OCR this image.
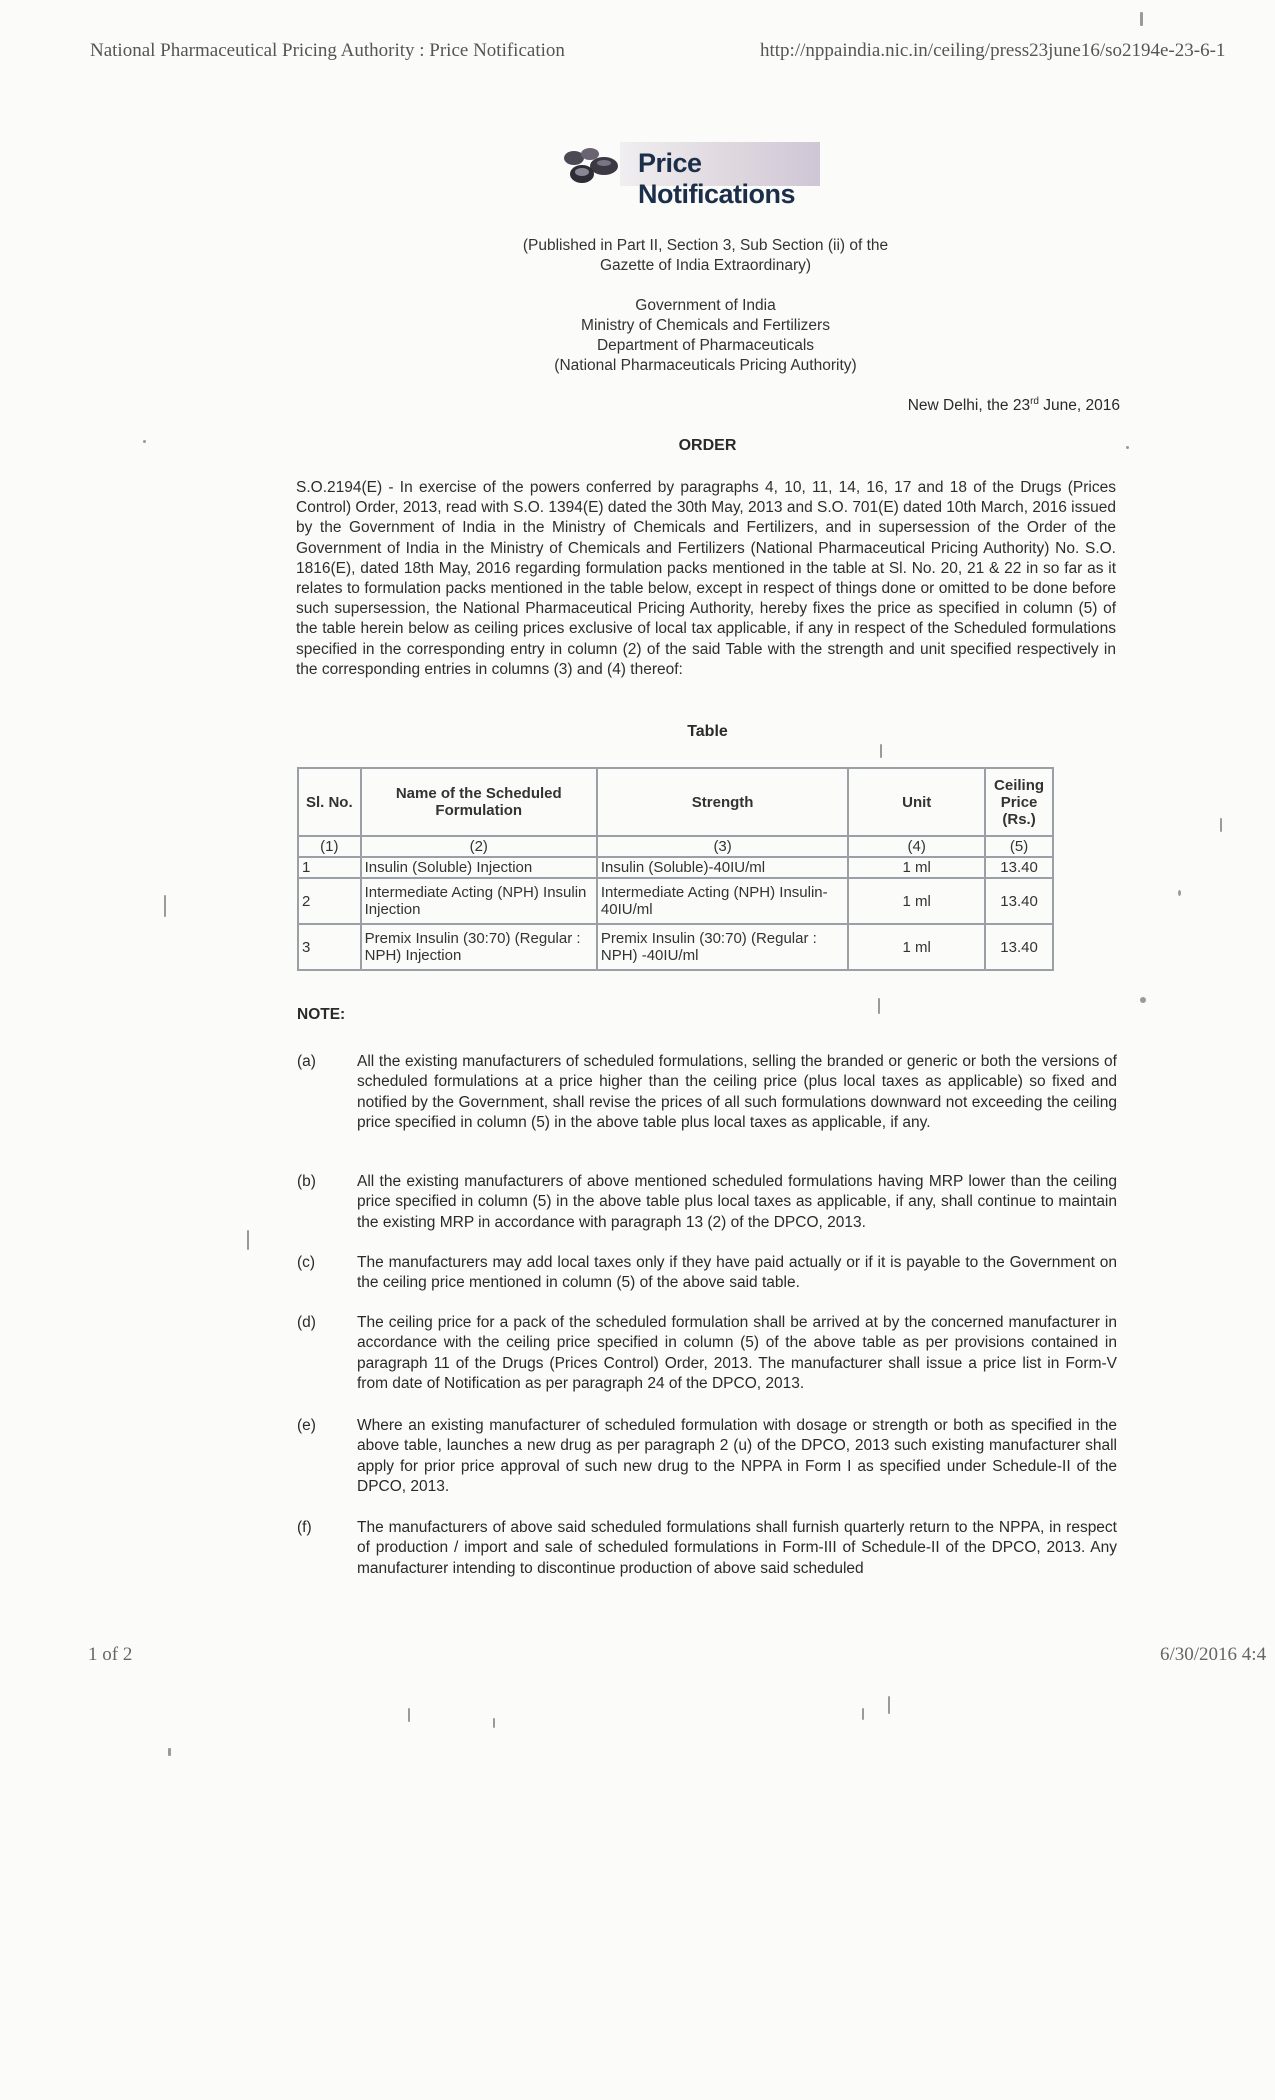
National Pharmaceutical Pricing Authority : Price Notification	http://nppaindia.nic.in/ceiling/press23june16/so2194e-23-6-1
Price Notifications
(Published in Part II, Section 3, Sub Section (ii) of the
Gazette of India Extraordinary)
Government of India
Ministry of Chemicals and Fertilizers
Department of Pharmaceuticals
(National Pharmaceuticals Pricing Authority)
New Delhi, the 23rd June, 2016
ORDER
S.O.2194(E) - In exercise of the powers conferred by paragraphs 4, 10, 11, 14, 16, 17 and 18 of the Drugs (Prices Control) Order, 2013, read with S.O. 1394(E) dated the 30th May, 2013 and S.O. 701(E) dated 10th March, 2016 issued by the Government of India in the Ministry of Chemicals and Fertilizers, and in supersession of the Order of the Government of India in the Ministry of Chemicals and Fertilizers (National Pharmaceutical Pricing Authority) No. S.O. 1816(E), dated 18th May, 2016 regarding formulation packs mentioned in the table at Sl. No. 20, 21 & 22 in so far as it relates to formulation packs mentioned in the table below, except in respect of things done or omitted to be done before such supersession, the National Pharmaceutical Pricing Authority, hereby fixes the price as specified in column (5) of the table herein below as ceiling prices exclusive of local tax applicable, if any in respect of the Scheduled formulations specified in the corresponding entry in column (2) of the said Table with the strength and unit specified respectively in the corresponding entries in columns (3) and (4) thereof:
Table
Sl. No.	Name of the Scheduled Formulation	Strength	Unit	Ceiling Price (Rs.)
(1)	(2)	(3)	(4)	(5)
1	Insulin (Soluble) Injection	Insulin (Soluble)-40IU/ml	1 ml	13.40
2	Intermediate Acting (NPH) Insulin Injection	Intermediate Acting (NPH) Insulin-40IU/ml	1 ml	13.40
3	Premix Insulin (30:70) (Regular : NPH) Injection	Premix Insulin (30:70) (Regular : NPH) -40IU/ml	1 ml	13.40
NOTE:
(a)	All the existing manufacturers of scheduled formulations, selling the branded or generic or both the versions of scheduled formulations at a price higher than the ceiling price (plus local taxes as applicable) so fixed and notified by the Government, shall revise the prices of all such formulations downward not exceeding the ceiling price specified in column (5) in the above table plus local taxes as applicable, if any.
(b)	All the existing manufacturers of above mentioned scheduled formulations having MRP lower than the ceiling price specified in column (5) in the above table plus local taxes as applicable, if any, shall continue to maintain the existing MRP in accordance with paragraph 13 (2) of the DPCO, 2013.
(c)	The manufacturers may add local taxes only if they have paid actually or if it is payable to the Government on the ceiling price mentioned in column (5) of the above said table.
(d)	The ceiling price for a pack of the scheduled formulation shall be arrived at by the concerned manufacturer in accordance with the ceiling price specified in column (5) of the above table as per provisions contained in paragraph 11 of the Drugs (Prices Control) Order, 2013. The manufacturer shall issue a price list in Form-V from date of Notification as per paragraph 24 of the DPCO, 2013.
(e)	Where an existing manufacturer of scheduled formulation with dosage or strength or both as specified in the above table, launches a new drug as per paragraph 2 (u) of the DPCO, 2013 such existing manufacturer shall apply for prior price approval of such new drug to the NPPA in Form I as specified under Schedule-II of the DPCO, 2013.
(f)	The manufacturers of above said scheduled formulations shall furnish quarterly return to the NPPA, in respect of production / import and sale of scheduled formulations in Form-III of Schedule-II of the DPCO, 2013. Any manufacturer intending to discontinue production of above said scheduled
1 of 2	6/30/2016 4:4
